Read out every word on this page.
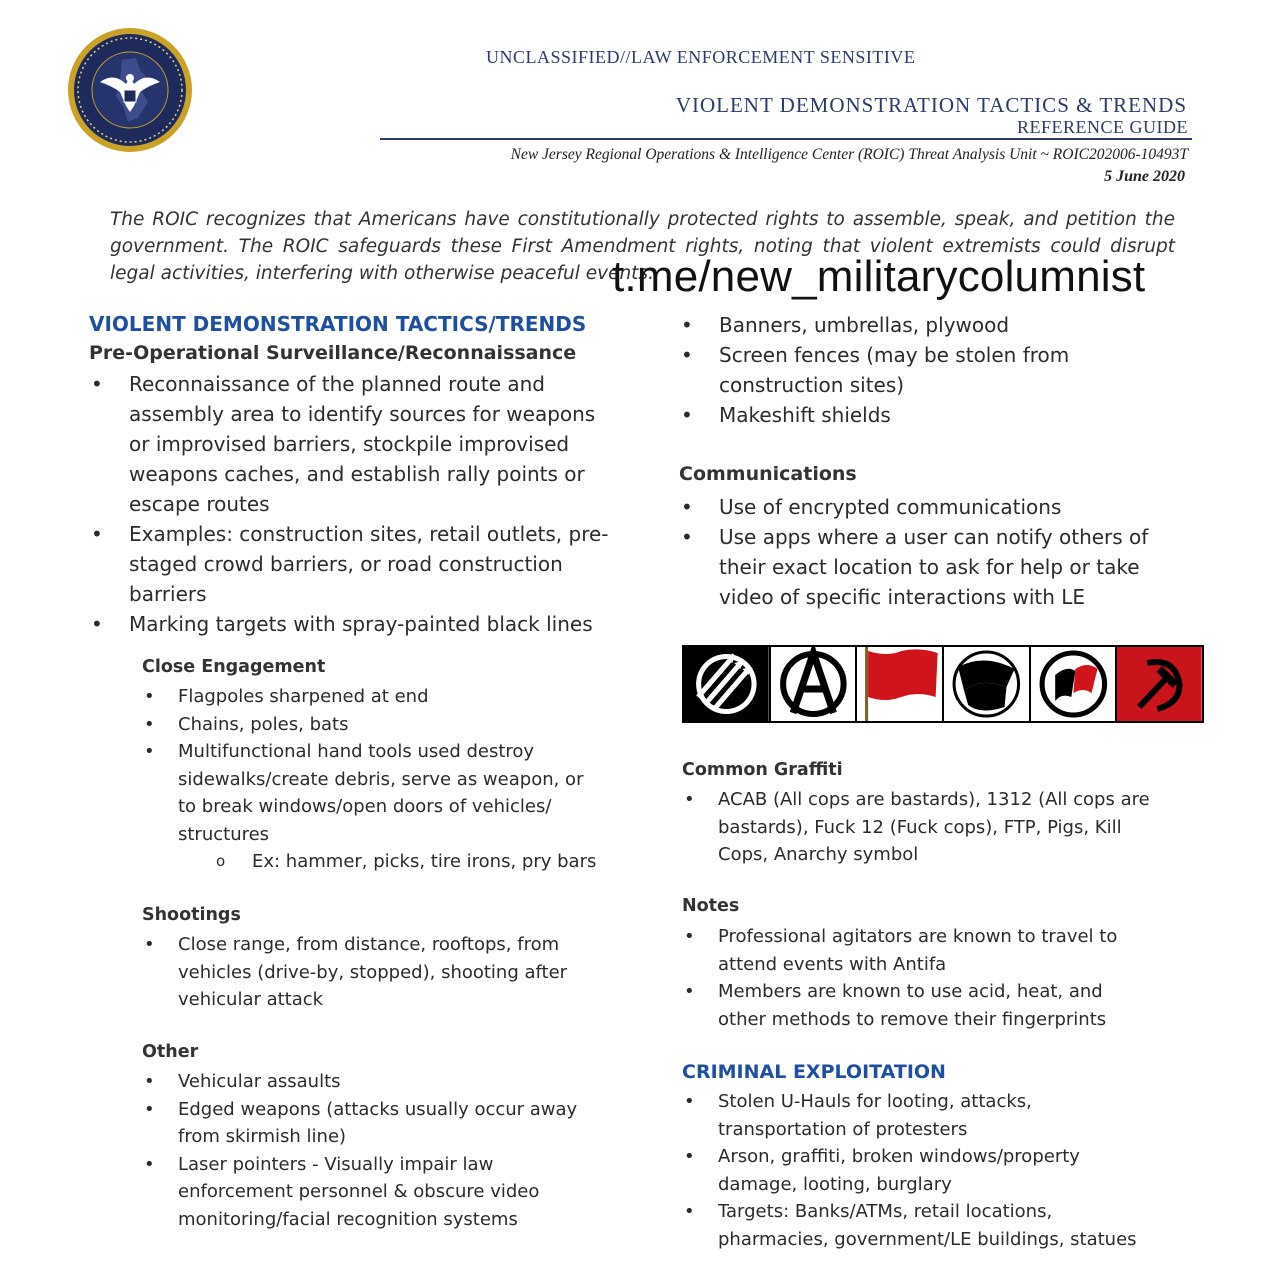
UNCLASSIFIED//LAW ENFORCEMENT SENSITIVE
VIOLENT DEMONSTRATION TACTICS & TRENDS
REFERENCE GUIDE
New Jersey Regional Operations & Intelligence Center (ROIC) Threat Analysis Unit ~ ROIC202006-10493T
5 June 2020
The ROIC recognizes that Americans have constitutionally protected rights to assemble, speak, and petition the government. The ROIC safeguards these First Amendment rights, noting that violent extremists could disrupt legal activities, interfering with otherwise peaceful events.
t.me/new_militarycolumnist
VIOLENT DEMONSTRATION TACTICS/TRENDS
Pre-Operational Surveillance/Reconnaissance
• Reconnaissance of the planned route and assembly area to identify sources for weapons or improvised barriers, stockpile improvised weapons caches, and establish rally points or escape routes
• Examples: construction sites, retail outlets, pre-staged crowd barriers, or road construction barriers
• Marking targets with spray-painted black lines
Close Engagement
• Flagpoles sharpened at end
• Chains, poles, bats
• Multifunctional hand tools used destroy sidewalks/create debris, serve as weapon, or to break windows/open doors of vehicles/ structures
o Ex: hammer, picks, tire irons, pry bars
Shootings
• Close range, from distance, rooftops, from vehicles (drive-by, stopped), shooting after vehicular attack
Other
• Vehicular assaults
• Edged weapons (attacks usually occur away from skirmish line)
• Laser pointers - Visually impair law enforcement personnel & obscure video monitoring/facial recognition systems
• Banners, umbrellas, plywood
• Screen fences (may be stolen from construction sites)
• Makeshift shields
Communications
• Use of encrypted communications
• Use apps where a user can notify others of their exact location to ask for help or take video of specific interactions with LE
Common Graffiti
• ACAB (All cops are bastards), 1312 (All cops are bastards), Fuck 12 (Fuck cops), FTP, Pigs, Kill Cops, Anarchy symbol
Notes
• Professional agitators are known to travel to attend events with Antifa
• Members are known to use acid, heat, and other methods to remove their fingerprints
CRIMINAL EXPLOITATION
• Stolen U-Hauls for looting, attacks, transportation of protesters
• Arson, graffiti, broken windows/property damage, looting, burglary
• Targets: Banks/ATMs, retail locations, pharmacies, government/LE buildings, statues
